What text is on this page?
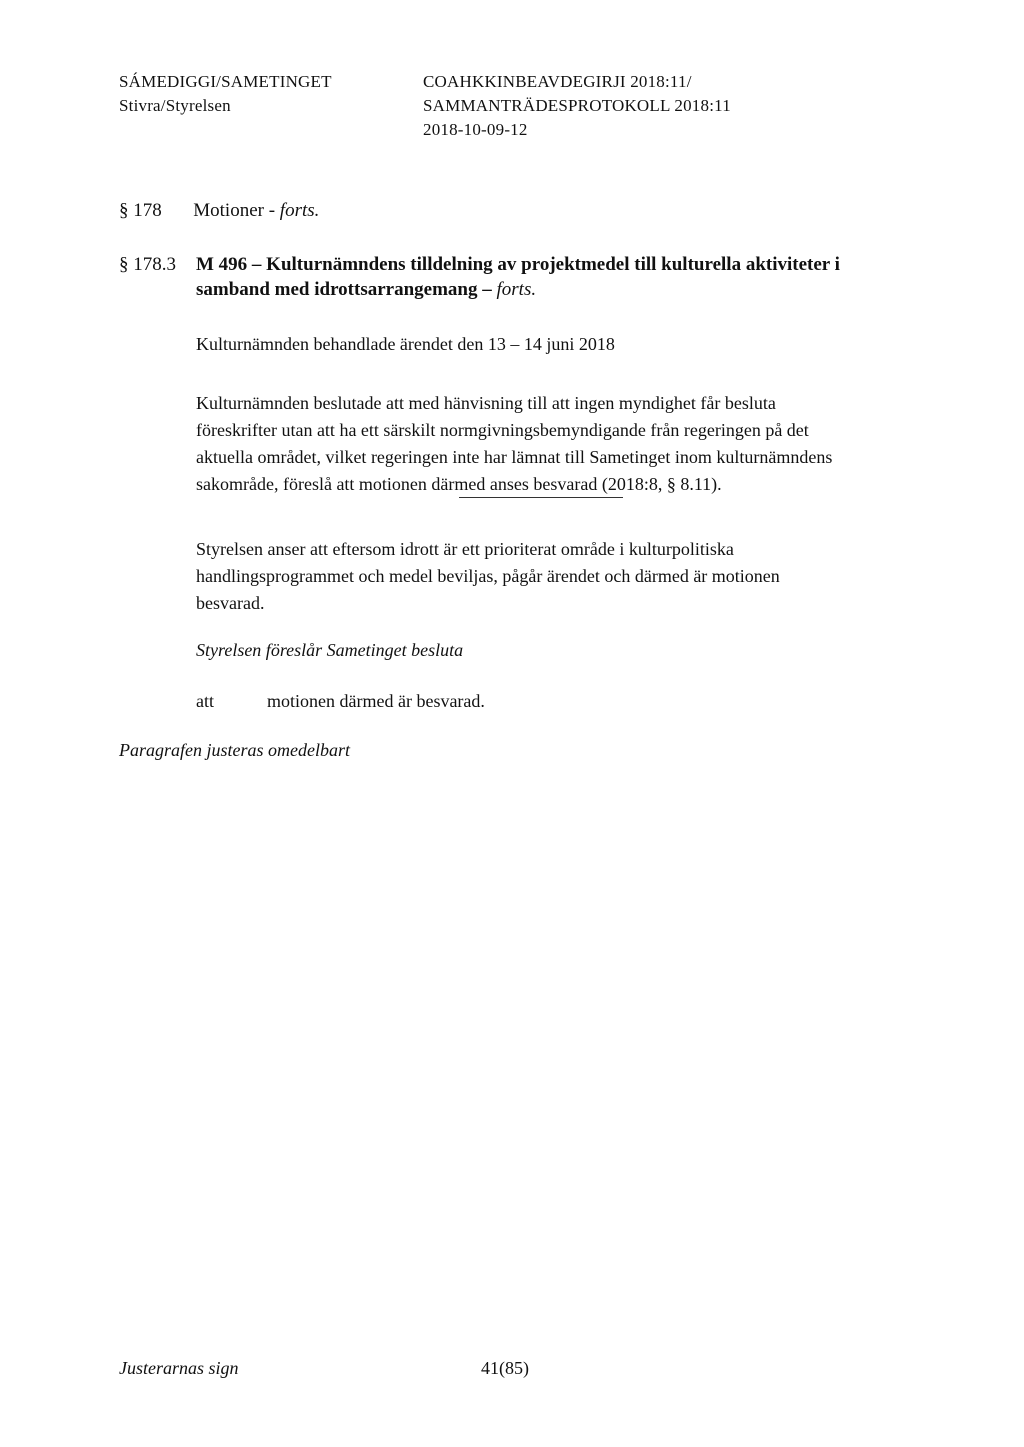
SÁMEDIGGI/SAMETINGET
Stivra/Styrelsen
COAHKKINBEAVDEGIRJI 2018:11/
SAMMANTRÄDESPROTOKOLL 2018:11
2018-10-09-12
§ 178 Motioner - forts.
§ 178.3 M 496 – Kulturnämndens tilldelning av projektmedel till kulturella aktiviteter i
samband med idrottsarrangemang – forts.
Kulturnämnden behandlade ärendet den 13 – 14 juni 2018
Kulturnämnden beslutade att med hänvisning till att ingen myndighet får besluta
föreskrifter utan att ha ett särskilt normgivningsbemyndigande från regeringen på det
aktuella området, vilket regeringen inte har lämnat till Sametinget inom kulturnämndens
sakområde, föreslå att motionen därmed anses besvarad (2018:8, § 8.11).
Styrelsen anser att eftersom idrott är ett prioriterat område i kulturpolitiska
handlingsprogrammet och medel beviljas, pågår ärendet och därmed är motionen
besvarad.
Styrelsen föreslår Sametinget besluta
att	motionen därmed är besvarad.
Paragrafen justeras omedelbart
Justerarnas sign	41(85)
